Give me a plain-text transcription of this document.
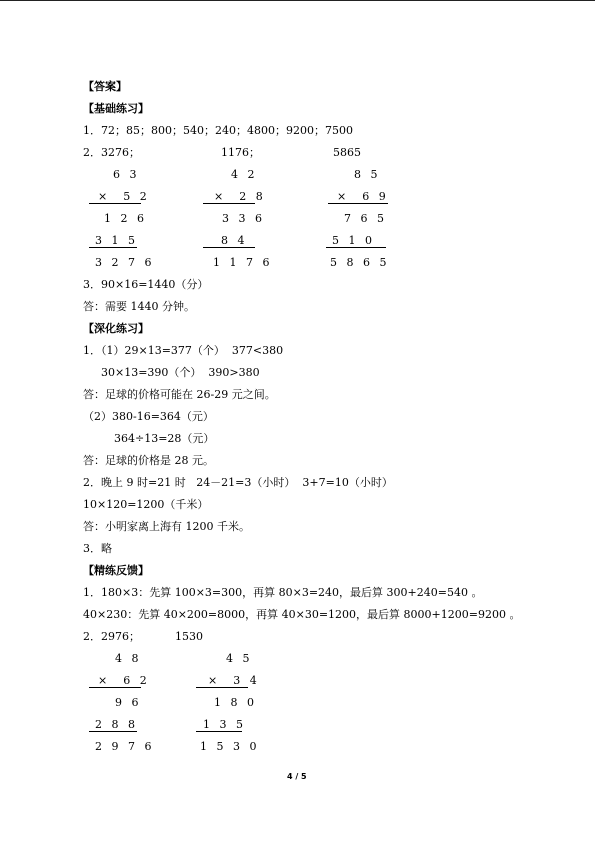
【答案】
【基础练习】
1．72；85；800；540；240；4800；9200；7500
2．3276；	1176；	5865
6 3
×  5 2
1 2 6
3 1 5
3 2 7 6
4 2
×  2 8
3 3 6
8 4
1 1 7 6
8 5
×  6 9
7 6 5
5 1 0
5 8 6 5
3．90×16=1440（分）
答：需要 1440 分钟。
【深化练习】
1．（1）29×13=377（个）  377<380
30×13=390（个）  390>380
答：足球的价格可能在 26-29 元之间。
（2）380-16=364（元）
364÷13=28（元）
答：足球的价格是 28 元。
2．晚上 9 时=21 时   24－21=3（小时）  3+7=10（小时）
10×120=1200（千米）
答：小明家离上海有 1200 千米。
3．略
【精练反馈】
1．180×3：先算 100×3=300，再算 80×3=240，最后算 300+240=540 。
40×230：先算 40×200=8000，再算 40×30=1200，最后算 8000+1200=9200 。
2．2976；	1530
4 8
×  6 2
9 6
2 8 8
2 9 7 6
4 5
×  3 4
1 8 0
1 3 5
1 5 3 0
4 / 5
